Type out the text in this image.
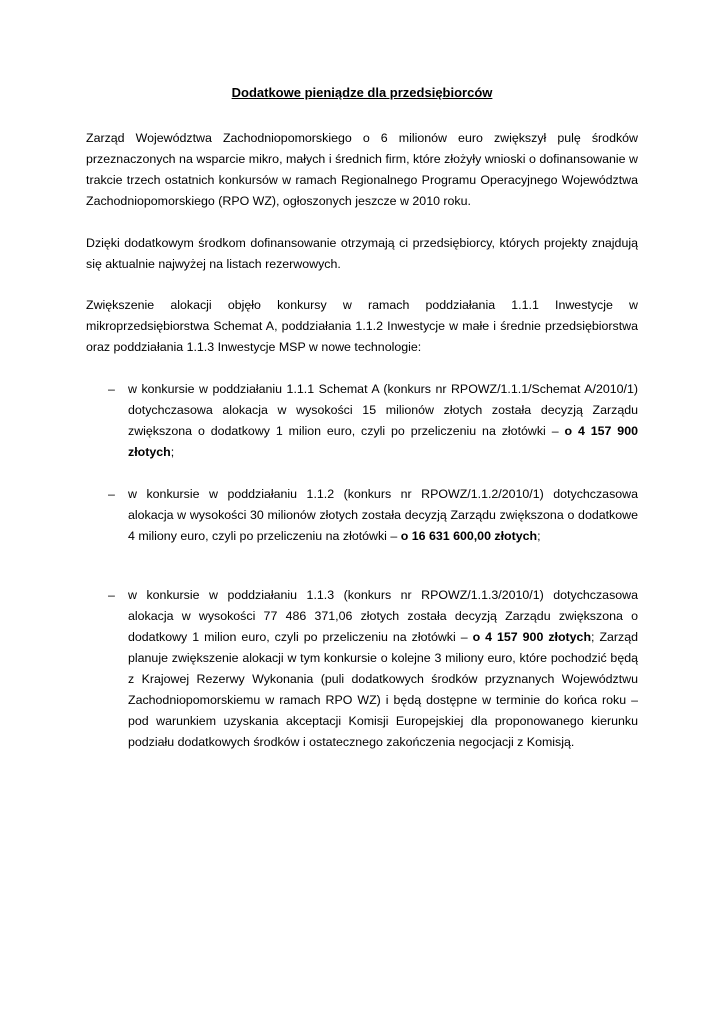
Dodatkowe pieniądze dla przedsiębiorców
Zarząd Województwa Zachodniopomorskiego o 6 milionów euro zwiększył pulę środków przeznaczonych na wsparcie mikro, małych i średnich firm, które złożyły wnioski o dofinansowanie w trakcie trzech ostatnich konkursów w ramach Regionalnego Programu Operacyjnego Województwa Zachodniopomorskiego (RPO WZ), ogłoszonych jeszcze w 2010 roku.
Dzięki dodatkowym środkom dofinansowanie otrzymają ci przedsiębiorcy, których projekty znajdują się aktualnie najwyżej na listach rezerwowych.
Zwiększenie alokacji objęło konkursy w ramach poddziałania 1.1.1 Inwestycje w mikroprzedsiębiorstwa Schemat A, poddziałania 1.1.2 Inwestycje w małe i średnie przedsiębiorstwa oraz poddziałania 1.1.3 Inwestycje MSP w nowe technologie:
–	w konkursie w poddziałaniu 1.1.1 Schemat A (konkurs nr RPOWZ/1.1.1/Schemat A/2010/1) dotychczasowa alokacja w wysokości 15 milionów złotych została decyzją Zarządu zwiększona o dodatkowy 1 milion euro, czyli po przeliczeniu na złotówki – o 4 157 900 złotych;
–	w konkursie w poddziałaniu 1.1.2 (konkurs nr RPOWZ/1.1.2/2010/1) dotychczasowa alokacja w wysokości 30 milionów złotych została decyzją Zarządu zwiększona o dodatkowe 4 miliony euro, czyli po przeliczeniu na złotówki – o 16 631 600,00 złotych;
–	w konkursie w poddziałaniu 1.1.3 (konkurs nr RPOWZ/1.1.3/2010/1) dotychczasowa alokacja w wysokości 77 486 371,06 złotych została decyzją Zarządu zwiększona o dodatkowy 1 milion euro, czyli po przeliczeniu na złotówki – o 4 157 900 złotych; Zarząd planuje zwiększenie alokacji w tym konkursie o kolejne 3 miliony euro, które pochodzić będą z Krajowej Rezerwy Wykonania (puli dodatkowych środków przyznanych Województwu Zachodniopomorskiemu w ramach RPO WZ) i będą dostępne w terminie do końca roku – pod warunkiem uzyskania akceptacji Komisji Europejskiej dla proponowanego kierunku podziału dodatkowych środków i ostatecznego zakończenia negocjacji z Komisją.
